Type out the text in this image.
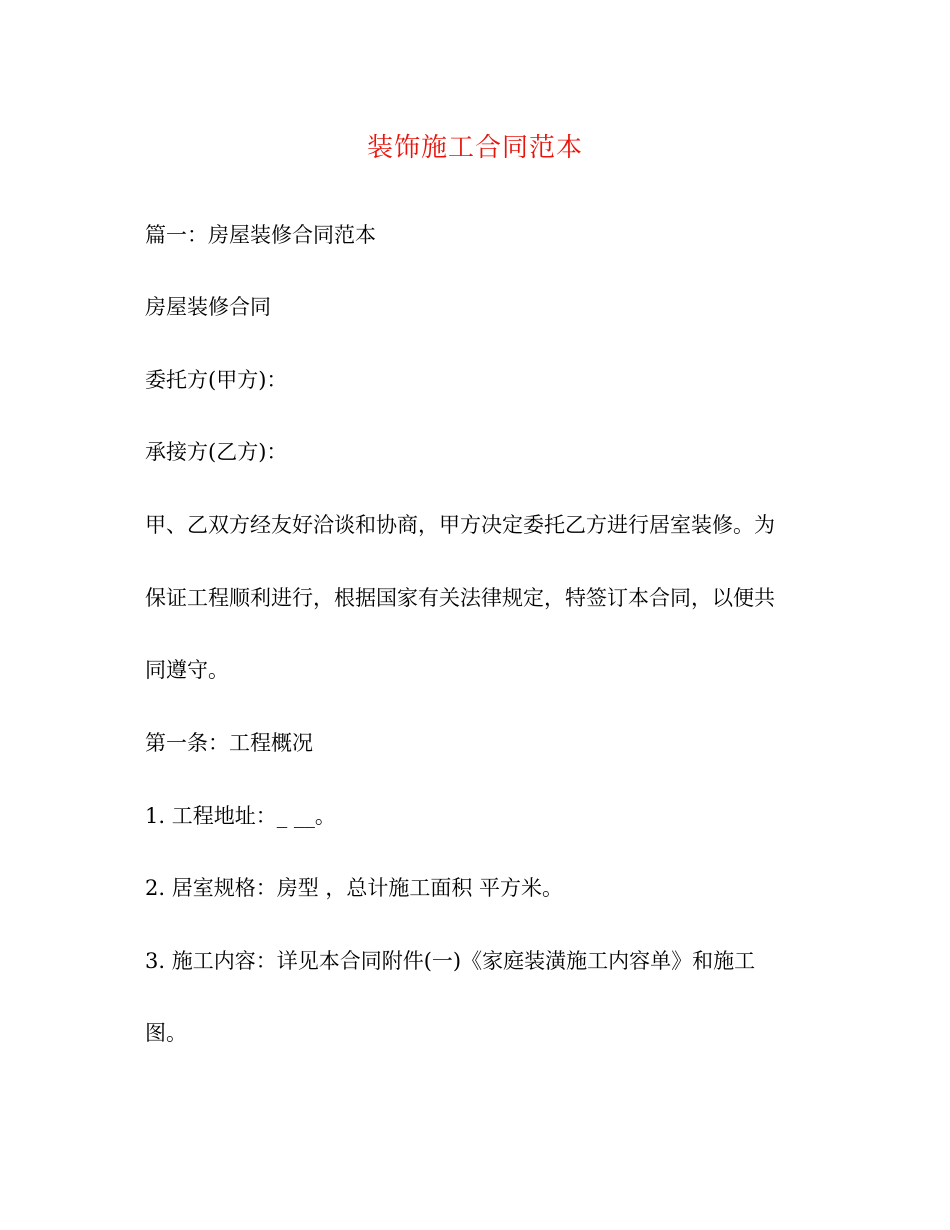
装饰施工合同范本
篇一：房屋装修合同范本
房屋装修合同
委托方(甲方)：
承接方(乙方)：
甲、乙双方经友好洽谈和协商，甲方决定委托乙方进行居室装修。为
保证工程顺利进行，根据国家有关法律规定，特签订本合同，以便共
同遵守。
第一条：工程概况
1. 工程地址：_ __。
2. 居室规格：房型 ，总计施工面积 平方米。
3. 施工内容：详见本合同附件(一)《家庭装潢施工内容单》和施工
图。
